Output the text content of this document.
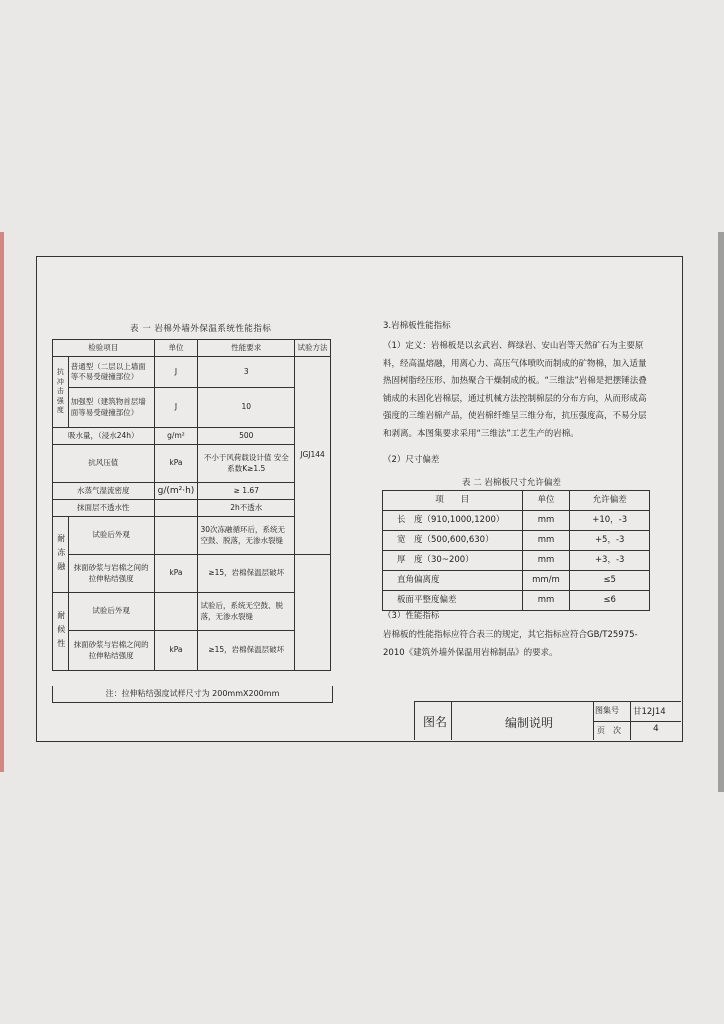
表 一 岩棉外墙外保温系统性能指标
检验项目		单位	性能要求	试验方法
抗冲击强度	普通型（二层以上墙面等不易受碰撞部位）	J	3	JGJ144
	加强型（建筑物首层墙面等易受碰撞部位）	J	10	
吸水量，（浸水24h）		g/m²	500	
抗风压值		kPa	不小于风荷载设计值 安全系数K≥1.5	
水蒸气湿流密度		g/(m²·h)	≥ 1.67	
抹面层不透水性			2h不透水	
耐冻融	试验后外观		30次冻融循环后，系统无空鼓、脱落，无渗水裂缝	
	抹面砂浆与岩棉之间的拉伸粘结强度	kPa	≥15，岩棉保温层破坏	
耐候性	试验后外观		试验后，系统无空鼓、脱落，无渗水裂缝	
	抹面砂浆与岩棉之间的拉伸粘结强度	kPa	≥15，岩棉保温层破坏	
注：拉伸粘结强度试样尺寸为 200mmX200mm
3.岩棉板性能指标
（1）定义：岩棉板是以玄武岩、辉绿岩、安山岩等天然矿石为主要原料，经高温熔融，用离心力、高压气体喷吹而制成的矿物棉，加入适量热固树脂经压形、加热聚合干燥制成的板。“三维法”岩棉是把摆锤法叠铺成的未固化岩棉层，通过机械方法控制棉层的分布方向，从而形成高强度的三维岩棉产品，使岩棉纤维呈三维分布，抗压强度高，不易分层和剥离。本图集要求采用“三维法”工艺生产的岩棉。
（2）尺寸偏差
表 二 岩棉板尺寸允许偏差
项　　目	单位	允许偏差
长　度（910,1000,1200）	mm	+10，-3
宽　度（500,600,630）	mm	+5，-3
厚　度（30~200）	mm	+3，-3
直角偏离度	mm/m	≤5
板面平整度偏差	mm	≤6
（3）性能指标
岩棉板的性能指标应符合表三的规定，其它指标应符合GB/T25975-2010《建筑外墙外保温用岩棉制品》的要求。
图名	编制说明
图集号 甘12J14
页　次	4
